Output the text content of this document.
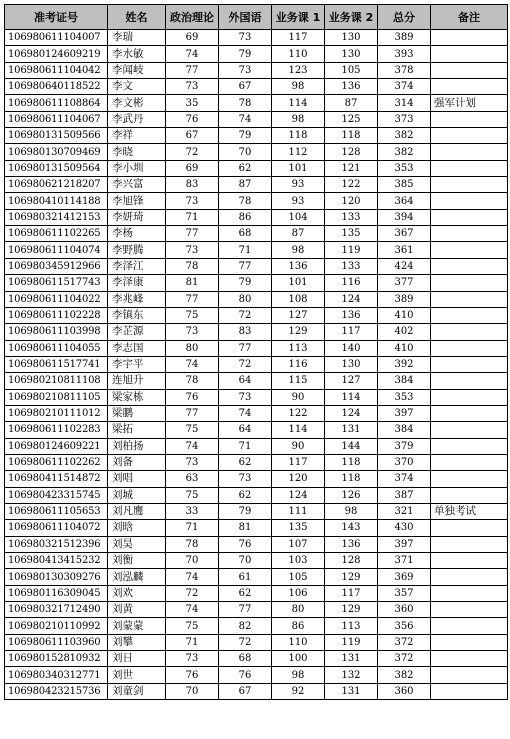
准考证号	姓名	政治理论	外国语	业务课 1	业务课 2	总分	备注
106980611104007	李瑞	69	73	117	130	389	
106980124609219	李水敏	74	79	110	130	393	
106980611104042	李闻岐	77	73	123	105	378	
106980640118522	李文	73	67	98	136	374	
106980611108864	李文彬	35	78	114	87	314	强军计划
106980611104067	李武丹	76	74	98	125	373	
106980131509566	李祥	67	79	118	118	382	
106980130709469	李晓	72	70	112	128	382	
106980131509564	李小圳	69	62	101	121	353	
106980621218207	李兴富	83	87	93	122	385	
106980410114188	李旭锋	73	78	93	120	364	
106980321412153	李妍琦	71	86	104	133	394	
106980611102265	李杨	77	68	87	135	367	
106980611104074	李野腾	73	71	98	119	361	
106980345912966	李泽江	78	77	136	133	424	
106980611517743	李泽康	81	79	101	116	377	
106980611104022	李兆峰	77	80	108	124	389	
106980611102228	李镇东	75	72	127	136	410	
106980611103998	李芷源	73	83	129	117	402	
106980611104055	李志国	80	77	113	140	410	
106980611517741	李宇平	74	72	116	130	392	
106980210811108	连旭升	78	64	115	127	384	
106980210811105	梁家栋	76	73	90	114	353	
106980210111012	梁鹏	77	74	122	124	397	
106980611102283	梁拓	75	64	114	131	384	
106980124609221	刘柏扬	74	71	90	144	379	
106980611102262	刘备	73	62	117	118	370	
106980411514872	刘唱	63	73	120	118	374	
106980423315745	刘城	75	62	124	126	387	
106980611105653	刘凡鹰	33	79	111	98	321	单独考试
106980611104072	刘晗	71	81	135	143	430	
106980321512396	刘昊	78	76	107	136	397	
106980413415232	刘衡	70	70	103	128	371	
106980130309276	刘泓麟	74	61	105	129	369	
106980116309045	刘欢	72	62	106	117	357	
106980321712490	刘黄	74	77	80	129	360	
106980210110992	刘蒙蒙	75	82	86	113	356	
106980611103960	刘攀	71	72	110	119	372	
106980152810932	刘日	73	68	100	131	372	
106980340312771	刘世	76	76	98	132	382	
106980423215736	刘童剑	70	67	92	131	360	
